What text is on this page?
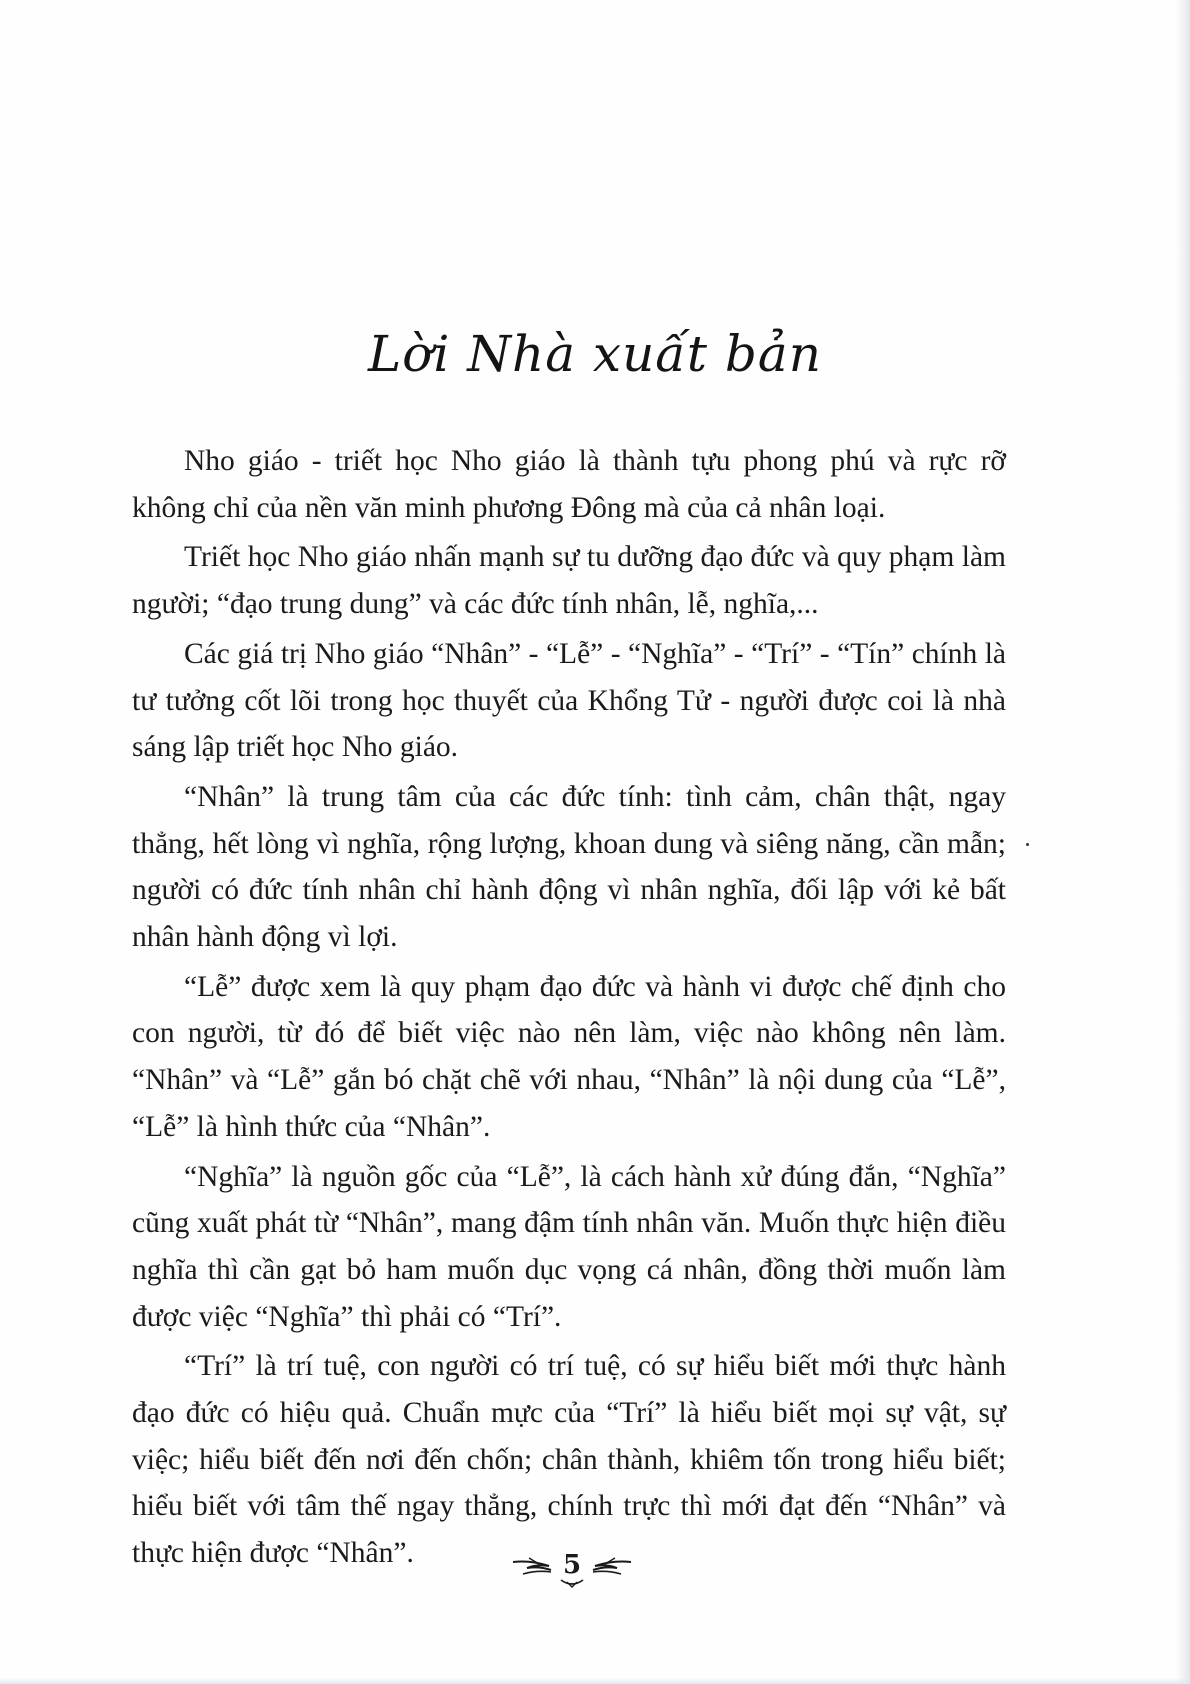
Lời Nhà xuất bản

Nho giáo - triết học Nho giáo là thành tựu phong phú và rực rỡ không chỉ của nền văn minh phương Đông mà của cả nhân loại.

Triết học Nho giáo nhấn mạnh sự tu dưỡng đạo đức và quy phạm làm người; “đạo trung dung” và các đức tính nhân, lễ, nghĩa,...

Các giá trị Nho giáo “Nhân” - “Lễ” - “Nghĩa” - “Trí” - “Tín” chính là tư tưởng cốt lõi trong học thuyết của Khổng Tử - người được coi là nhà sáng lập triết học Nho giáo.

“Nhân” là trung tâm của các đức tính: tình cảm, chân thật, ngay thẳng, hết lòng vì nghĩa, rộng lượng, khoan dung và siêng năng, cần mẫn; người có đức tính nhân chỉ hành động vì nhân nghĩa, đối lập với kẻ bất nhân hành động vì lợi.

“Lễ” được xem là quy phạm đạo đức và hành vi được chế định cho con người, từ đó để biết việc nào nên làm, việc nào không nên làm. “Nhân” và “Lễ” gắn bó chặt chẽ với nhau, “Nhân” là nội dung của “Lễ”, “Lễ” là hình thức của “Nhân”.

“Nghĩa” là nguồn gốc của “Lễ”, là cách hành xử đúng đắn, “Nghĩa” cũng xuất phát từ “Nhân”, mang đậm tính nhân văn. Muốn thực hiện điều nghĩa thì cần gạt bỏ ham muốn dục vọng cá nhân, đồng thời muốn làm được việc “Nghĩa” thì phải có “Trí”.

“Trí” là trí tuệ, con người có trí tuệ, có sự hiểu biết mới thực hành đạo đức có hiệu quả. Chuẩn mực của “Trí” là hiểu biết mọi sự vật, sự việc; hiểu biết đến nơi đến chốn; chân thành, khiêm tốn trong hiểu biết; hiểu biết với tâm thế ngay thẳng, chính trực thì mới đạt đến “Nhân” và thực hiện được “Nhân”.	5
